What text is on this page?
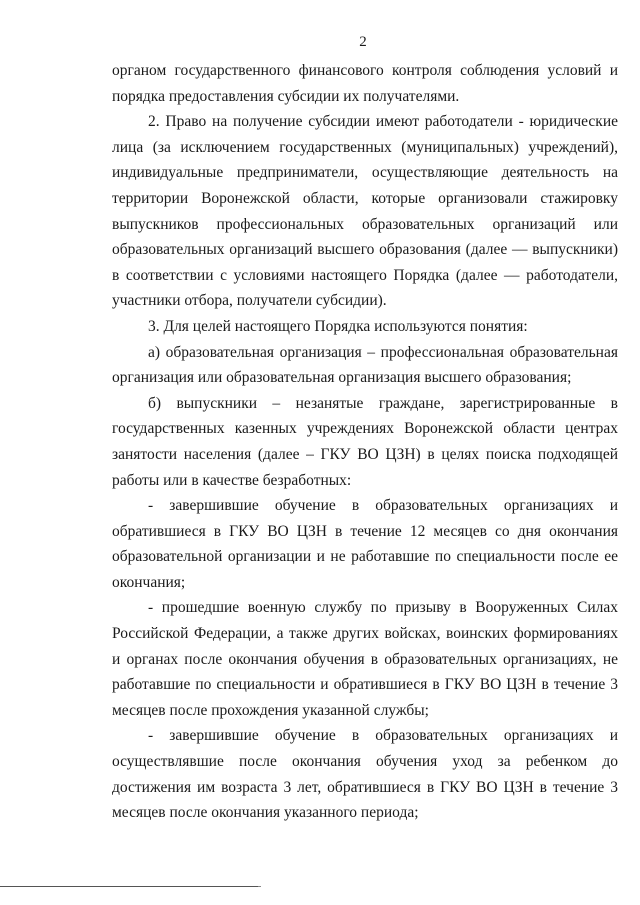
2

органом государственного финансового контроля соблюдения условий и порядка предоставления субсидии их получателями.

2. Право на получение субсидии имеют работодатели - юридические лица (за исключением государственных (муниципальных) учреждений), индивидуальные предприниматели, осуществляющие деятельность на территории Воронежской области, которые организовали стажировку выпускников профессиональных образовательных организаций или образовательных организаций высшего образования (далее — выпускники) в соответствии с условиями настоящего Порядка (далее — работодатели, участники отбора, получатели субсидии).

3. Для целей настоящего Порядка используются понятия:

а) образовательная организация – профессиональная образовательная организация или образовательная организация высшего образования;

б) выпускники – незанятые граждане, зарегистрированные в государственных казенных учреждениях Воронежской области центрах занятости населения (далее – ГКУ ВО ЦЗН) в целях поиска подходящей работы или в качестве безработных:

- завершившие обучение в образовательных организациях и обратившиеся в ГКУ ВО ЦЗН в течение 12 месяцев со дня окончания образовательной организации и не работавшие по специальности после ее окончания;

- прошедшие военную службу по призыву в Вооруженных Силах Российской Федерации, а также других войсках, воинских формированиях и органах после окончания обучения в образовательных организациях, не работавшие по специальности и обратившиеся в ГКУ ВО ЦЗН в течение 3 месяцев после прохождения указанной службы;

- завершившие обучение в образовательных организациях и осуществлявшие после окончания обучения уход за ребенком до достижения им возраста 3 лет, обратившиеся в ГКУ ВО ЦЗН в течение 3 месяцев после окончания указанного периода;
